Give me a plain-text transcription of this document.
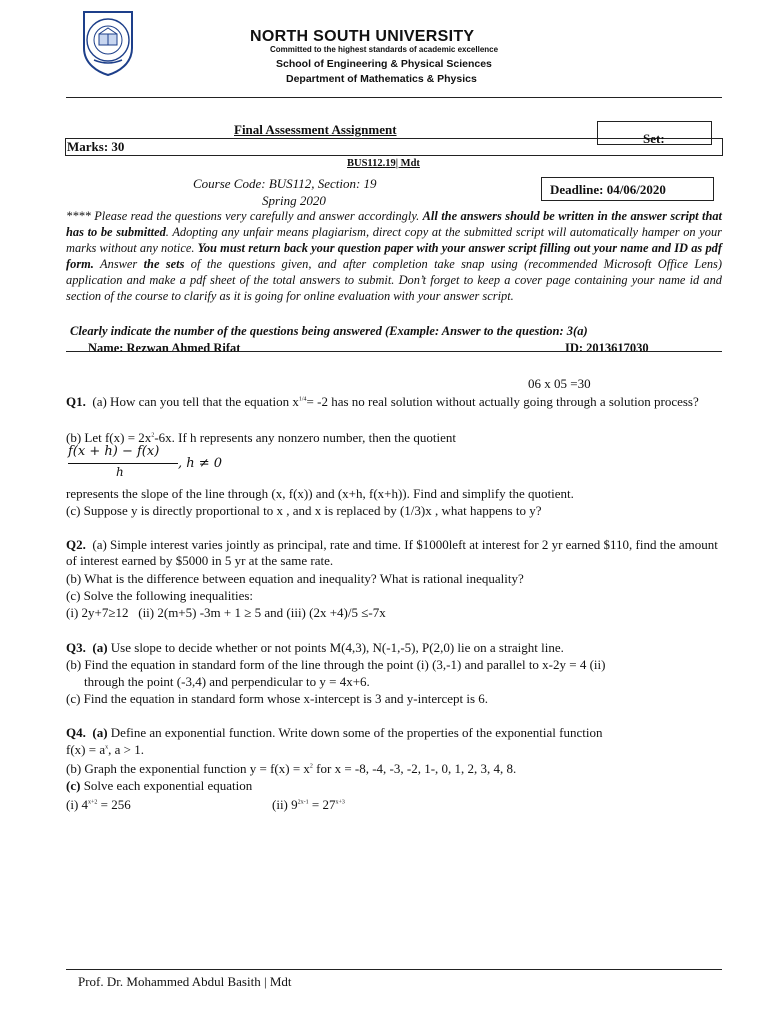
NORTH SOUTH UNIVERSITY
Committed to the highest standards of academic excellence
School of Engineering & Physical Sciences
Department of Mathematics & Physics
Final Assessment Assignment
Marks: 30
Set:
BUS112.19| Mdt
Course Code: BUS112, Section: 19
Spring 2020
Deadline: 04/06/2020

**** Please read the questions very carefully and answer accordingly. All the answers should be written in the answer script that has to be submitted. Adopting any unfair means plagiarism, direct copy at the submitted script will automatically hamper on your marks without any notice. You must return back your question paper with your answer script filling out your name and ID as pdf form. Answer the sets of the questions given, and after completion take snap using (recommended Microsoft Office Lens) application and make a pdf sheet of the total answers to submit. Don’t forget to keep a cover page containing your name id and section of the course to clarify as it is going for online evaluation with your answer script.

Clearly indicate the number of the questions being answered (Example: Answer to the question: 3(a)
Name: Rezwan Ahmed Rifat	ID: 2013617030
06 x 05 =30
Q1. (a) How can you tell that the equation $x^{1/4}= -2$ has no real solution without actually going through a solution process?
(b) Let $f(x) = 2x^2-6x$. If h represents any nonzero number, then the quotient
f(x + h) − f(x)
h
, h ≠ 0
represents the slope of the line through (x, f(x)) and (x+h, f(x+h)). Find and simplify the quotient.
(c) Suppose y is directly proportional to x , and x is replaced by (1/3)x , what happens to y?
Q2. (a) Simple interest varies jointly as principal, rate and time. If $1000left at interest for 2 yr earned $110, find the amount of interest earned by $5000 in 5 yr at the same rate.
(b) What is the difference between equation and inequality? What is rational inequality?
(c) Solve the following inequalities:
(i) 2y+7≥12   (ii) 2(m+5) -3m + 1 ≥ 5 and (iii) (2x +4)/5 ≤-7x
Q3. (a) Use slope to decide whether or not points M(4,3), N(-1,-5), P(2,0) lie on a straight line.
(b) Find the equation in standard form of the line through the point (i) (3,-1) and parallel to x-2y = 4 (ii)
through the point (-3,4) and perpendicular to y = 4x+6.
(c) Find the equation in standard form whose x-intercept is 3 and y-intercept is 6.
Q4. (a) Define an exponential function. Write down some of the properties of the exponential function
$f(x) = a^x$, a > 1.
(b) Graph the exponential function $y = f(x) = x^2$ for x = -8, -4, -3, -2, 1-, 0, 1, 2, 3, 4, 8.
(c) Solve each exponential equation
(i) $4^{x+2} = 256$	(ii) $9^{2x-1} = 27^{x+3}$
Prof. Dr. Mohammed Abdul Basith | Mdt
